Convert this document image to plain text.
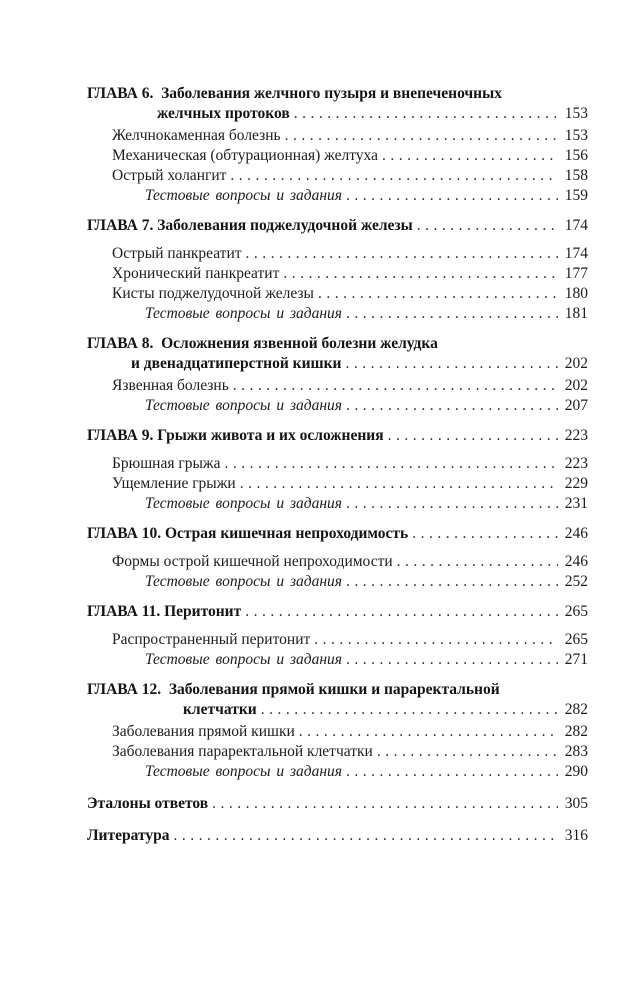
ГЛАВА 6.  Заболевания желчного пузыря и внепеченочных
желчных протоков .....	153
Желчнокаменная болезнь .....	153
Механическая (обтурационная) желтуха .....	156
Острый холангит .....	158
Тестовые вопросы и задания .....	159
ГЛАВА 7. Заболевания поджелудочной железы .....	174
Острый панкреатит .....	174
Хронический панкреатит .....	177
Кисты поджелудочной железы .....	180
Тестовые вопросы и задания .....	181
ГЛАВА 8.  Осложнения язвенной болезни желудка
и двенадцатиперстной кишки .....	202
Язвенная болезнь .....	202
Тестовые вопросы и задания .....	207
ГЛАВА 9. Грыжи живота и их осложнения .....	223
Брюшная грыжа .....	223
Ущемление грыжи .....	229
Тестовые вопросы и задания .....	231
ГЛАВА 10. Острая кишечная непроходимость .....	246
Формы острой кишечной непроходимости .....	246
Тестовые вопросы и задания .....	252
ГЛАВА 11. Перитонит .....	265
Распространенный перитонит .....	265
Тестовые вопросы и задания .....	271
ГЛАВА 12.  Заболевания прямой кишки и параректальной
клетчатки .....	282
Заболевания прямой кишки .....	282
Заболевания параректальной клетчатки .....	283
Тестовые вопросы и задания .....	290
Эталоны ответов .....	305
Литература .....	316
